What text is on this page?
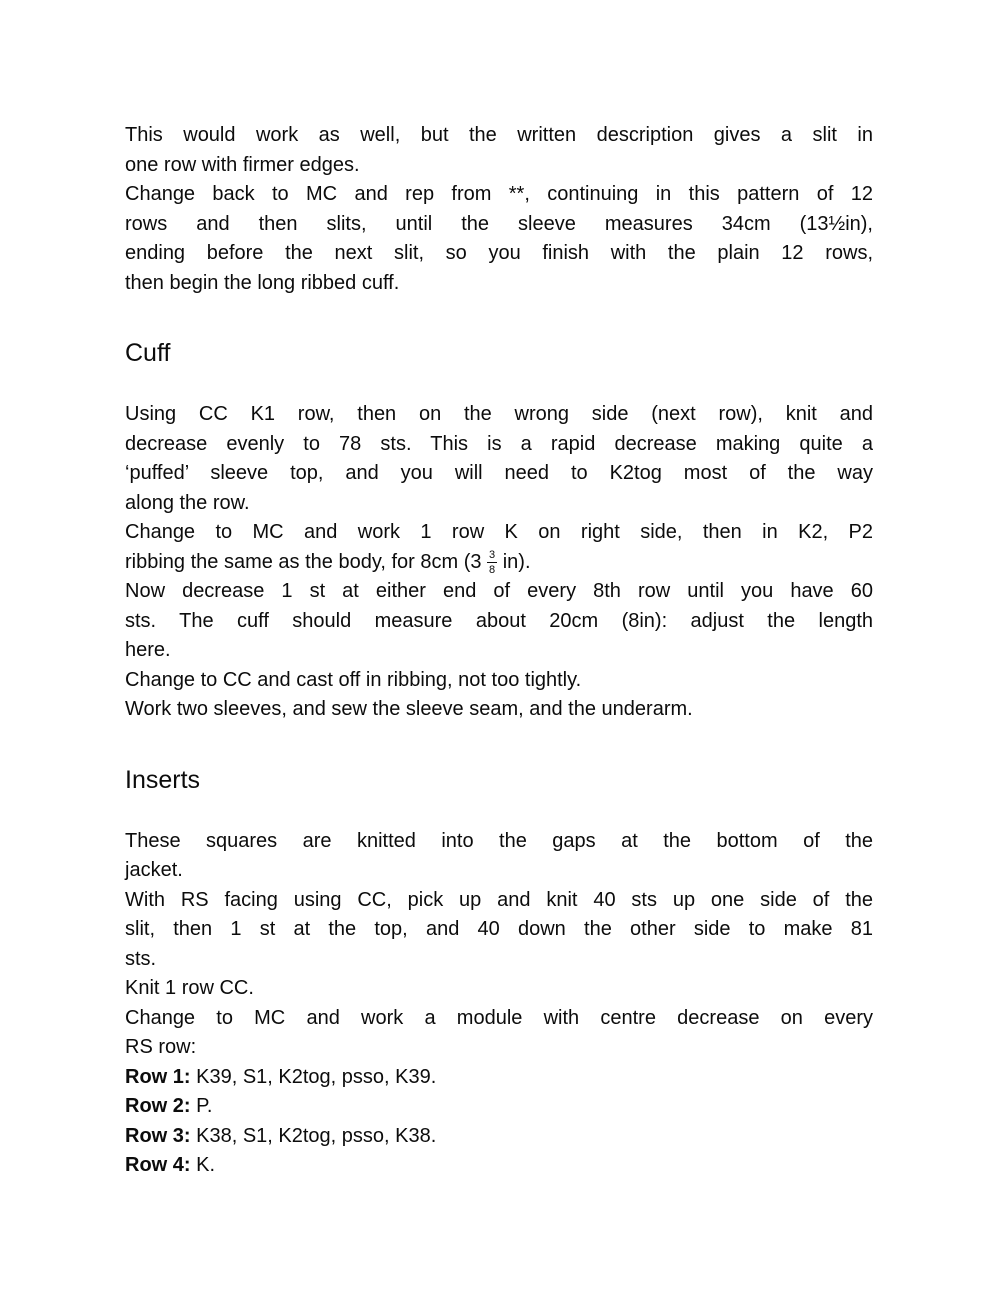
This would work as well, but the written description gives a slit in
one row with firmer edges.
Change back to MC and rep from **, continuing in this pattern of 12
rows and then slits, until the sleeve measures 34cm (13½in),
ending before the next slit, so you finish with the plain 12 rows,
then begin the long ribbed cuff.
Cuff
Using CC K1 row, then on the wrong side (next row), knit and
decrease evenly to 78 sts. This is a rapid decrease making quite a
‘puffed’ sleeve top, and you will need to K2tog most of the way
along the row.
Change to MC and work 1 row K on right side, then in K2, P2
ribbing the same as the body, for 8cm $(3 \frac{3}{8} in)$.
Now decrease 1 st at either end of every 8th row until you have 60
sts. The cuff should measure about 20cm (8in): adjust the length
here.
Change to CC and cast off in ribbing, not too tightly.
Work two sleeves, and sew the sleeve seam, and the underarm.
Inserts
These squares are knitted into the gaps at the bottom of the
jacket.
With RS facing using CC, pick up and knit 40 sts up one side of the
slit, then 1 st at the top, and 40 down the other side to make 81
sts.
Knit 1 row CC.
Change to MC and work a module with centre decrease on every
RS row:
Row 1: K39, S1, K2tog, psso, K39.
Row 2: P.
Row 3: K38, S1, K2tog, psso, K38.
Row 4: K.
